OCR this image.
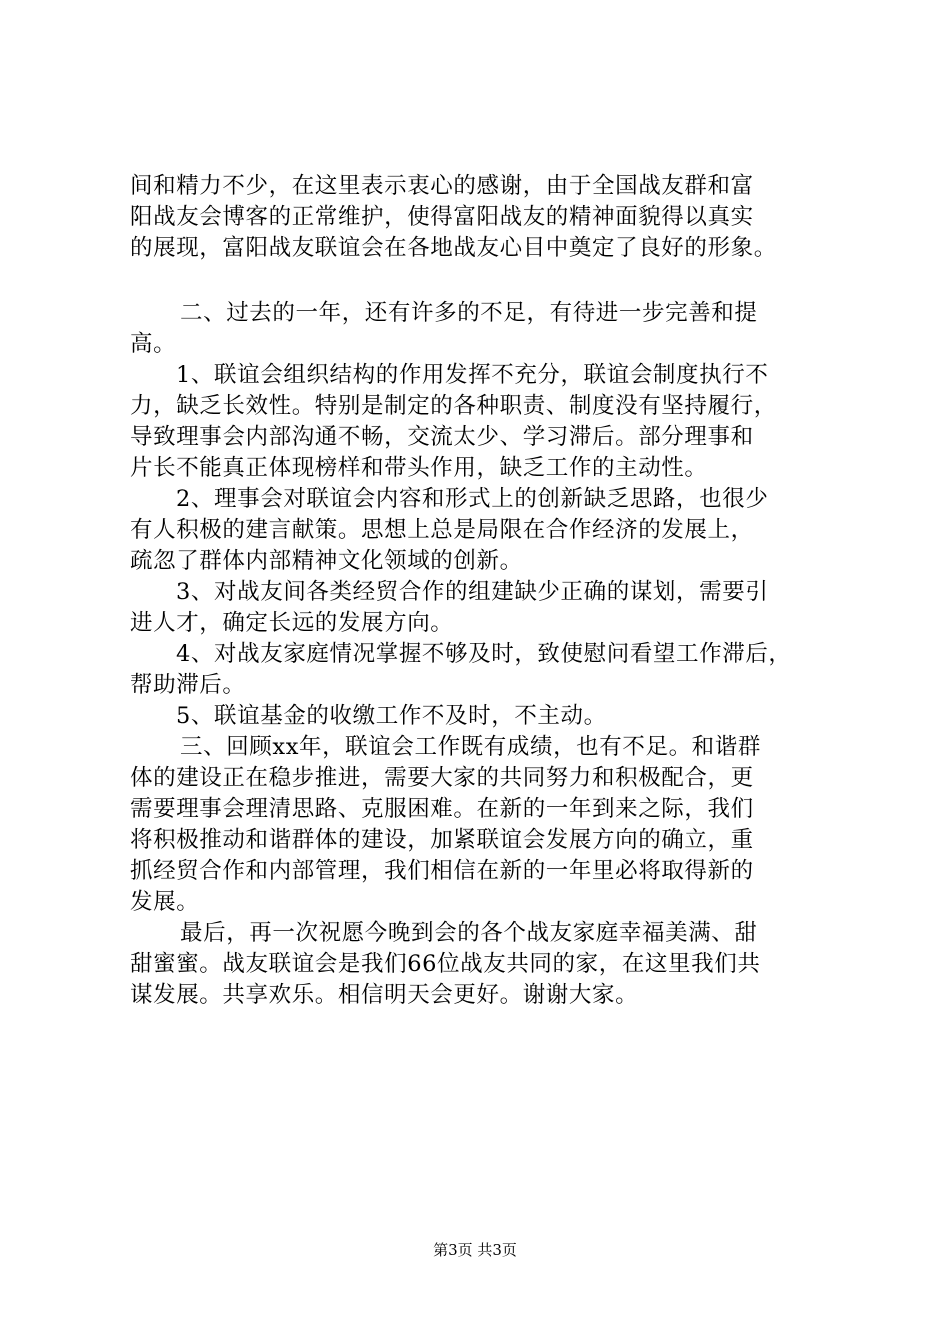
间和精力不少，在这里表示衷心的感谢，由于全国战友群和富
阳战友会博客的正常维护，使得富阳战友的精神面貌得以真实
的展现，富阳战友联谊会在各地战友心目中奠定了良好的形象。
二、过去的一年，还有许多的不足，有待进一步完善和提
高。
1、联谊会组织结构的作用发挥不充分，联谊会制度执行不
力，缺乏长效性。特别是制定的各种职责、制度没有坚持履行，
导致理事会内部沟通不畅，交流太少、学习滞后。部分理事和
片长不能真正体现榜样和带头作用，缺乏工作的主动性。
2、理事会对联谊会内容和形式上的创新缺乏思路，也很少
有人积极的建言献策。思想上总是局限在合作经济的发展上，
疏忽了群体内部精神文化领域的创新。
3、对战友间各类经贸合作的组建缺少正确的谋划，需要引
进人才，确定长远的发展方向。
4、对战友家庭情况掌握不够及时，致使慰问看望工作滞后，
帮助滞后。
5、联谊基金的收缴工作不及时，不主动。
三、回顾xx年，联谊会工作既有成绩，也有不足。和谐群
体的建设正在稳步推进，需要大家的共同努力和积极配合，更
需要理事会理清思路、克服困难。在新的一年到来之际，我们
将积极推动和谐群体的建设，加紧联谊会发展方向的确立，重
抓经贸合作和内部管理，我们相信在新的一年里必将取得新的
发展。
最后，再一次祝愿今晚到会的各个战友家庭幸福美满、甜
甜蜜蜜。战友联谊会是我们66位战友共同的家，在这里我们共
谋发展。共享欢乐。相信明天会更好。谢谢大家。
第3页 共3页
